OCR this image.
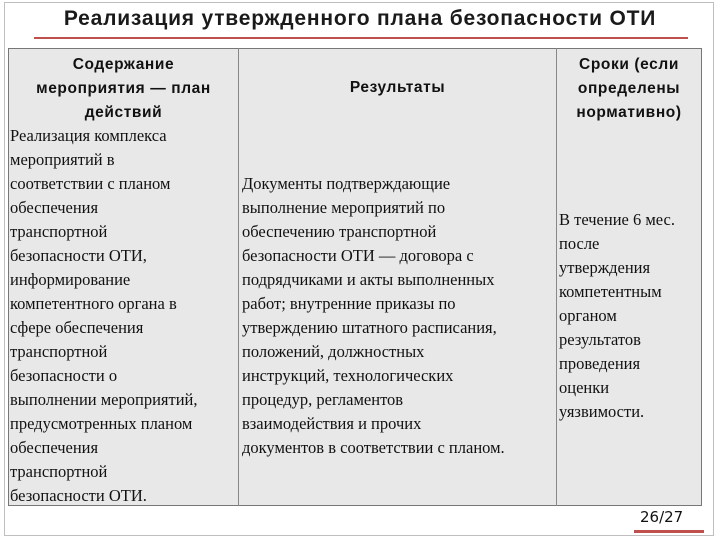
Реализация утвержденного плана безопасности ОТИ
Содержание
мероприятия — план
действий
Результаты
Сроки (если
определены
нормативно)
Реализация комплекса
мероприятий в
соответствии с планом
обеспечения
транспортной
безопасности ОТИ,
информирование
компетентного органа в
сфере обеспечения
транспортной
безопасности о
выполнении мероприятий,
предусмотренных планом
обеспечения
транспортной
безопасности ОТИ.
Документы подтверждающие
выполнение мероприятий по
обеспечению транспортной
безопасности ОТИ — договора с
подрядчиками и акты выполненных
работ; внутренние приказы по
утверждению штатного расписания,
положений, должностных
инструкций, технологических
процедур, регламентов
взаимодействия и прочих
документов в соответствии с планом.
В течение 6 мес.
после
утверждения
компетентным
органом
результатов
проведения
оценки
уязвимости.
26/27
